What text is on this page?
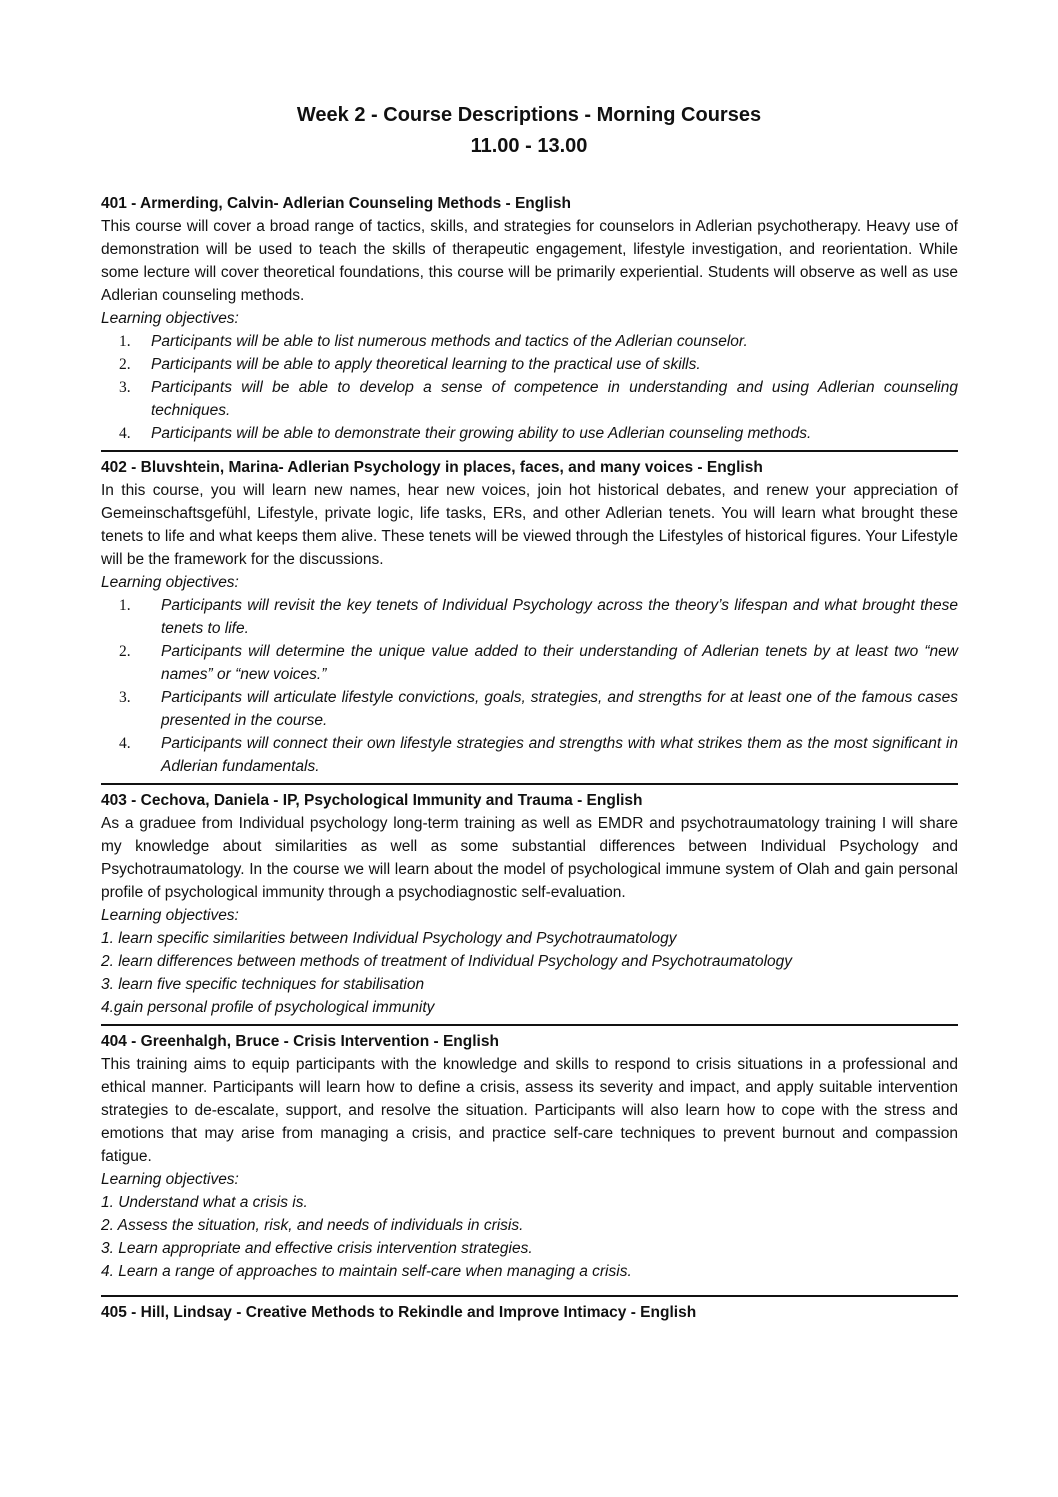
Week 2 - Course Descriptions - Morning Courses

11.00 - 13.00

401 - Armerding, Calvin- Adlerian Counseling Methods - English

This course will cover a broad range of tactics, skills, and strategies for counselors in Adlerian psychotherapy. Heavy use of demonstration will be used to teach the skills of therapeutic engagement, lifestyle investigation, and reorientation. While some lecture will cover theoretical foundations, this course will be primarily experiential. Students will observe as well as use Adlerian counseling methods.

Learning objectives:

1. Participants will be able to list numerous methods and tactics of the Adlerian counselor.
2. Participants will be able to apply theoretical learning to the practical use of skills.
3. Participants will be able to develop a sense of competence in understanding and using Adlerian counseling techniques.
4. Participants will be able to demonstrate their growing ability to use Adlerian counseling methods.

402 - Bluvshtein, Marina- Adlerian Psychology in places, faces, and many voices - English

In this course, you will learn new names, hear new voices, join hot historical debates, and renew your appreciation of Gemeinschaftsgefühl, Lifestyle, private logic, life tasks, ERs, and other Adlerian tenets. You will learn what brought these tenets to life and what keeps them alive. These tenets will be viewed through the Lifestyles of historical figures. Your Lifestyle will be the framework for the discussions.

Learning objectives:

1. Participants will revisit the key tenets of Individual Psychology across the theory’s lifespan and what brought these tenets to life.
2. Participants will determine the unique value added to their understanding of Adlerian tenets by at least two “new names” or “new voices.”
3. Participants will articulate lifestyle convictions, goals, strategies, and strengths for at least one of the famous cases presented in the course.
4. Participants will connect their own lifestyle strategies and strengths with what strikes them as the most significant in Adlerian fundamentals.

403 - Cechova, Daniela - IP, Psychological Immunity and Trauma - English

As a graduee from Individual psychology long-term training as well as EMDR and psychotraumatology training I will share my knowledge about similarities as well as some substantial differences between Individual Psychology and Psychotraumatology. In the course we will learn about the model of psychological immune system of Olah and gain personal profile of psychological immunity through a psychodiagnostic self-evaluation.

Learning objectives:

1. learn specific similarities between Individual Psychology and Psychotraumatology
2. learn differences between methods of treatment of Individual Psychology and Psychotraumatology
3. learn five specific techniques for stabilisation
4.gain personal profile of psychological immunity

404 - Greenhalgh, Bruce - Crisis Intervention - English

This training aims to equip participants with the knowledge and skills to respond to crisis situations in a professional and ethical manner. Participants will learn how to define a crisis, assess its severity and impact, and apply suitable intervention strategies to de-escalate, support, and resolve the situation. Participants will also learn how to cope with the stress and emotions that may arise from managing a crisis, and practice self-care techniques to prevent burnout and compassion fatigue.

Learning objectives:

1. Understand what a crisis is.
2. Assess the situation, risk, and needs of individuals in crisis.
3. Learn appropriate and effective crisis intervention strategies.
4. Learn a range of approaches to maintain self-care when managing a crisis.

405 - Hill, Lindsay - Creative Methods to Rekindle and Improve Intimacy - English
